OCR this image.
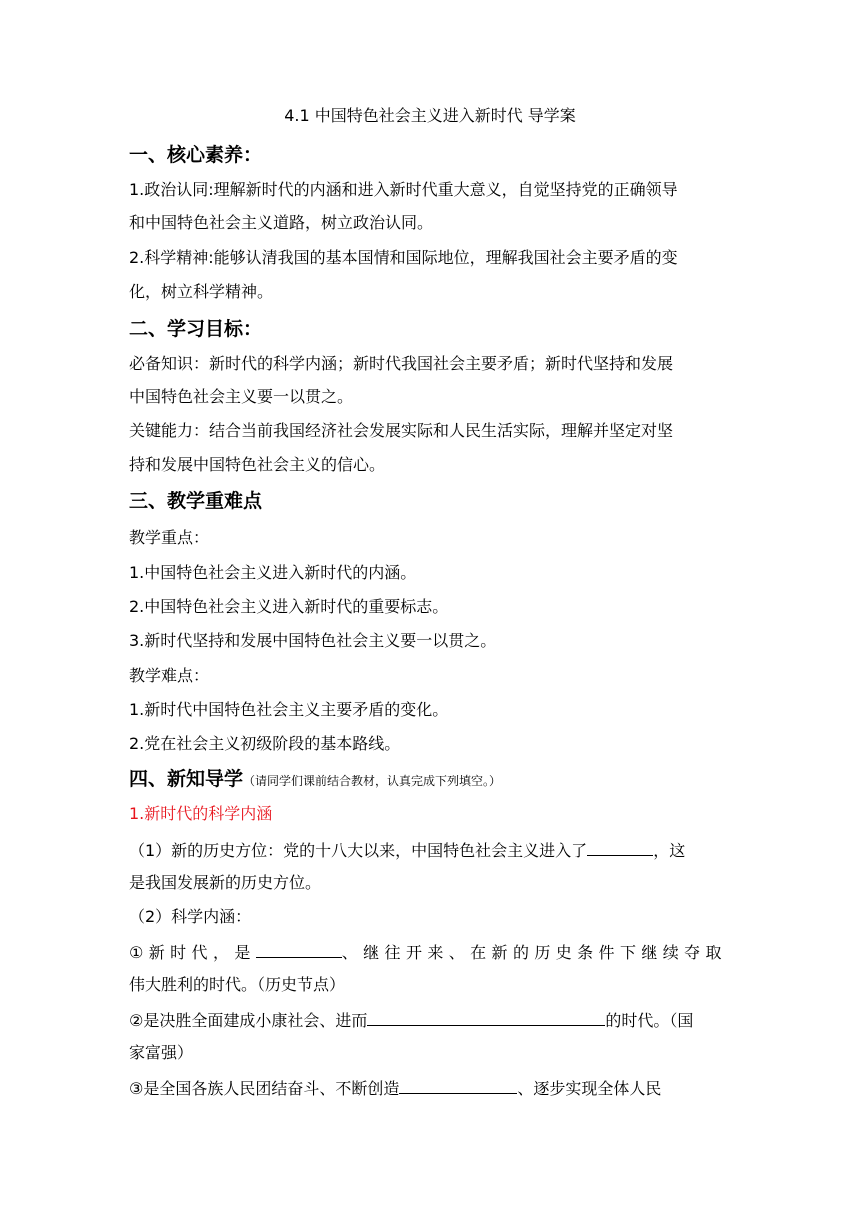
4.1 中国特色社会主义进入新时代 导学案
一、核心素养：
1.政治认同:理解新时代的内涵和进入新时代重大意义，自觉坚持党的正确领导
和中国特色社会主义道路，树立政治认同。
2.科学精神:能够认清我国的基本国情和国际地位，理解我国社会主要矛盾的变
化，树立科学精神。
二、学习目标：
必备知识：新时代的科学内涵；新时代我国社会主要矛盾；新时代坚持和发展
中国特色社会主义要一以贯之。
关键能力：结合当前我国经济社会发展实际和人民生活实际，理解并坚定对坚
持和发展中国特色社会主义的信心。
三、教学重难点
教学重点：
1.中国特色社会主义进入新时代的内涵。
2.中国特色社会主义进入新时代的重要标志。
3.新时代坚持和发展中国特色社会主义要一以贯之。
教学难点：
1.新时代中国特色社会主义主要矛盾的变化。
2.党在社会主义初级阶段的基本路线。
四、新知导学（请同学们课前结合教材，认真完成下列填空。）
1.新时代的科学内涵
（1）新的历史方位：党的十八大以来，中国特色社会主义进入了	，这
是我国发展新的历史方位。
（2）科学内涵：
①新时代，是	、继往开来、在新的历史条件下继续夺取
伟大胜利的时代。（历史节点）
②是决胜全面建成小康社会、进而	的时代。（国
家富强）
③是全国各族人民团结奋斗、不断创造	、逐步实现全体人民
